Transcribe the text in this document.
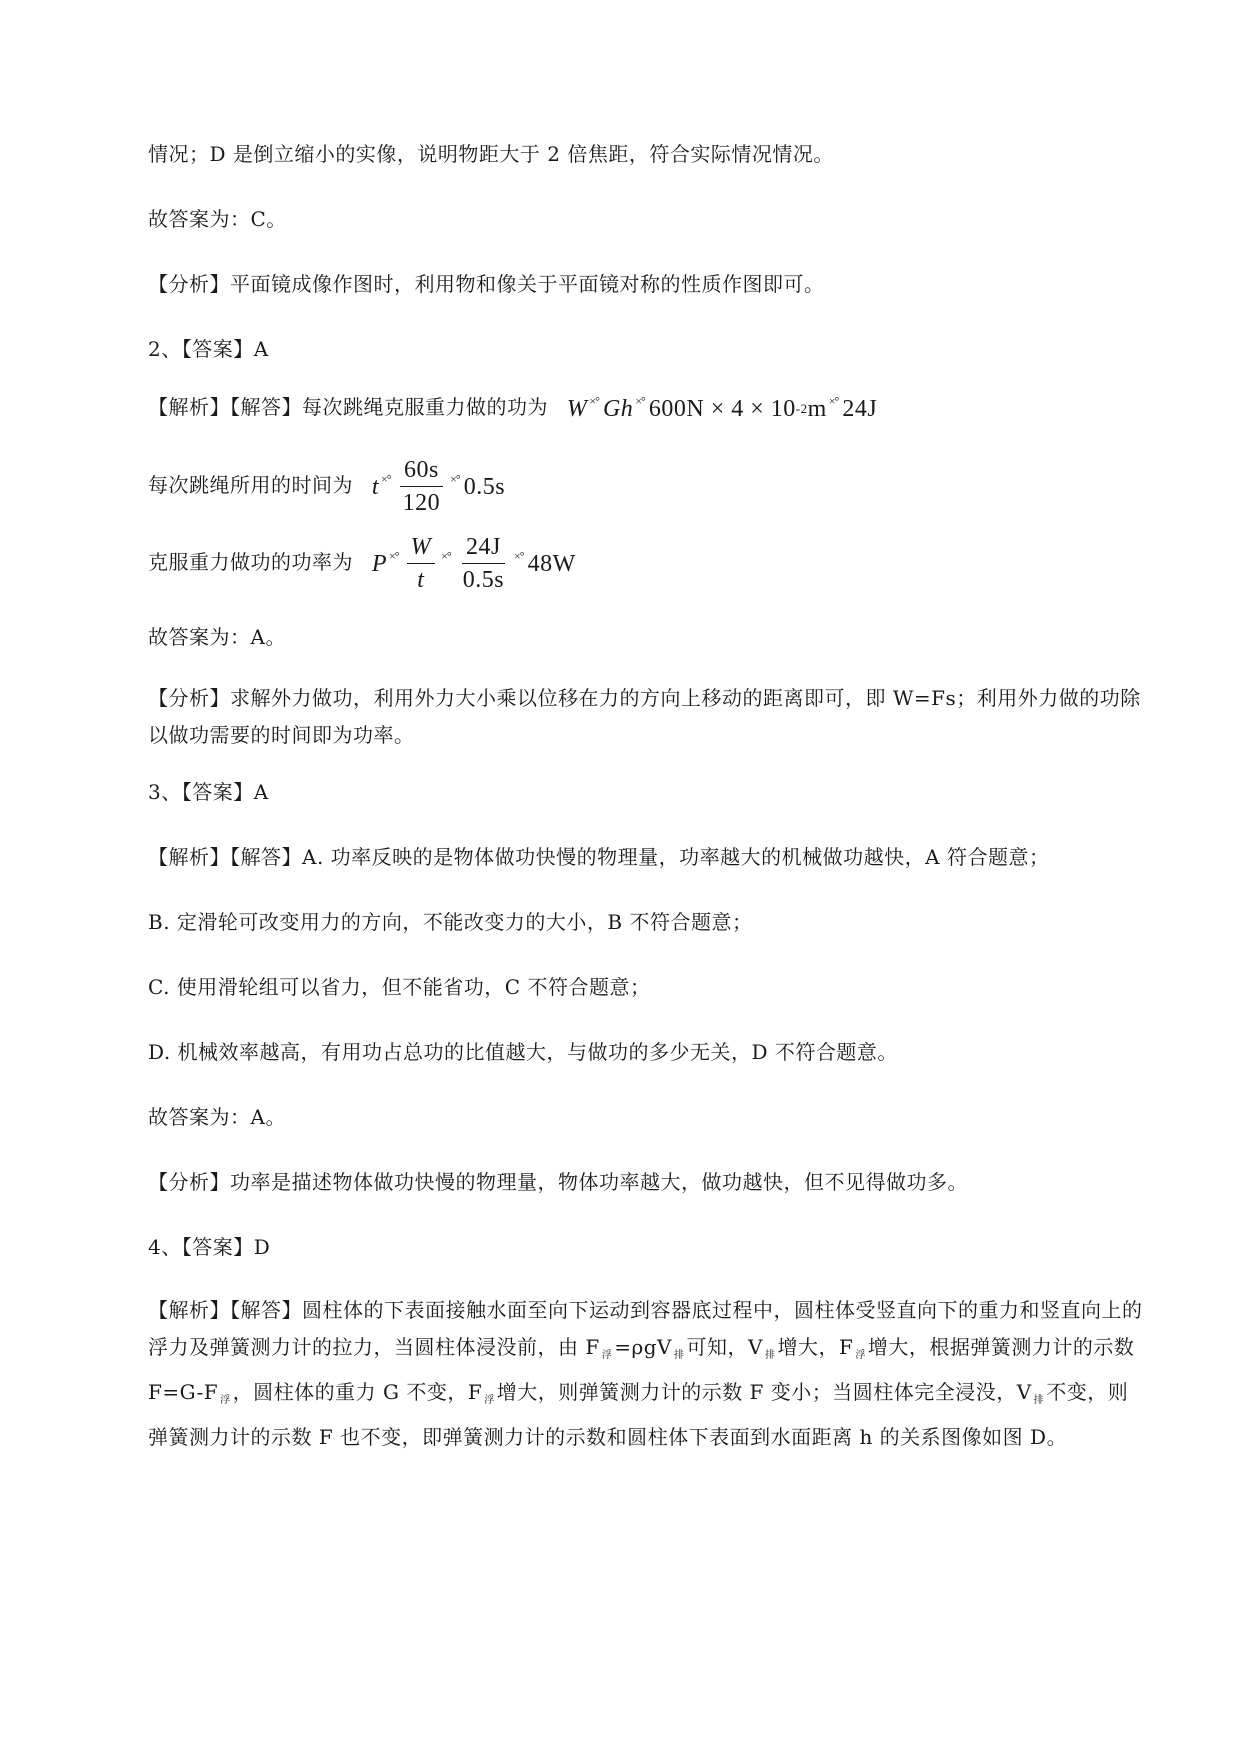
情况；D 是倒立缩小的实像，说明物距大于 2 倍焦距，符合实际情况情况。
故答案为：C。
【分析】平面镜成像作图时，利用物和像关于平面镜对称的性质作图即可。
2、【答案】A
【解析】【解答】每次跳绳克服重力做的功为 W ×° Gh ×° 600N × 4 × 10 -2 m ×° 24J
每次跳绳所用的时间为 t ×° $\frac{60s}{120}$ ×° 0.5s
克服重力做功的功率为 P ×° $\frac{W}{t}$ ×° $\frac{24J}{0.5s}$ ×° 48W
故答案为：A。
【分析】求解外力做功，利用外力大小乘以位移在力的方向上移动的距离即可，即 W=Fs；利用外力做的功除以做功需要的时间即为功率。
3、【答案】A
【解析】【解答】A. 功率反映的是物体做功快慢的物理量，功率越大的机械做功越快，A 符合题意；
B. 定滑轮可改变用力的方向，不能改变力的大小，B 不符合题意；
C. 使用滑轮组可以省力，但不能省功，C 不符合题意；
D. 机械效率越高，有用功占总功的比值越大，与做功的多少无关，D 不符合题意。
故答案为：A。
【分析】功率是描述物体做功快慢的物理量，物体功率越大，做功越快，但不见得做功多。
4、【答案】D
【解析】【解答】圆柱体的下表面接触水面至向下运动到容器底过程中，圆柱体受竖直向下的重力和竖直向上的浮力及弹簧测力计的拉力，当圆柱体浸没前，由 F $_浮$ =ρgV $_排$ 可知，V $_排$ 增大，F $_浮$ 增大，根据弹簧测力计的示数 F=G-F $_浮$ ，圆柱体的重力 G 不变，F $_浮$ 增大，则弹簧测力计的示数 F 变小；当圆柱体完全浸没，V $_排$ 不变，则弹簧测力计的示数 F 也不变，即弹簧测力计的示数和圆柱体下表面到水面距离 h 的关系图像如图 D。
